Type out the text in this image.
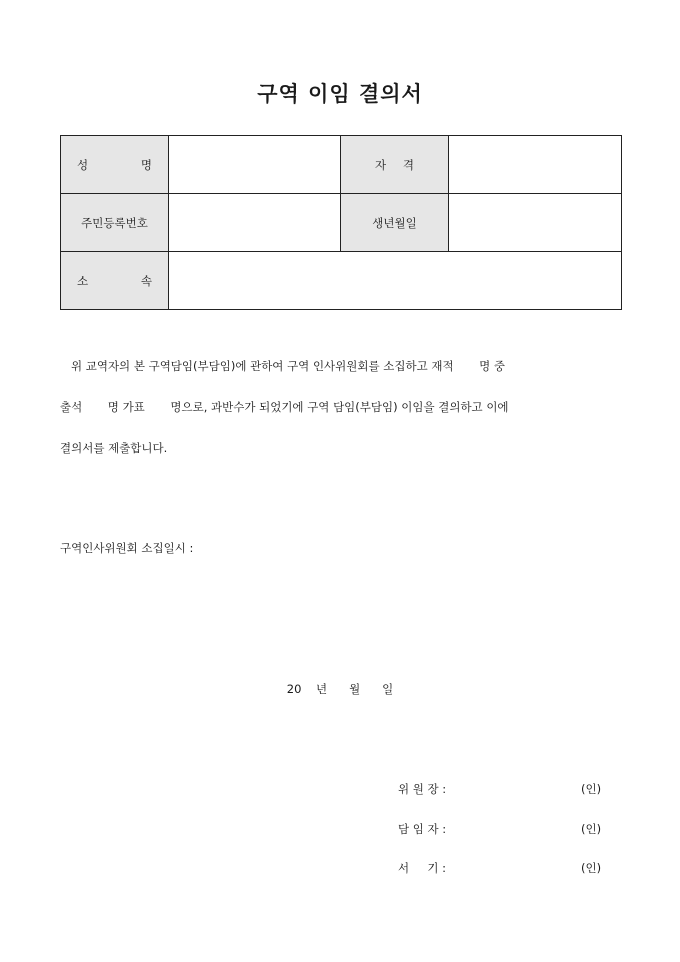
구역 이임 결의서
성 명		자 격	

주민등록번호		생년월일	

소 속			

위 교역자의 본 구역담임(부담임)에 관하여 구역 인사위원회를 소집하고 재적       명 중
출석       명 가표       명으로, 과반수가 되었기에 구역 담임(부담임) 이임을 결의하고 이에
결의서를 제출합니다.
구역인사위원회 소집일시 :
20    년      월      일
위 원 장 :	(인)
담 임 자 :	(인)
서     기 :	(인)
